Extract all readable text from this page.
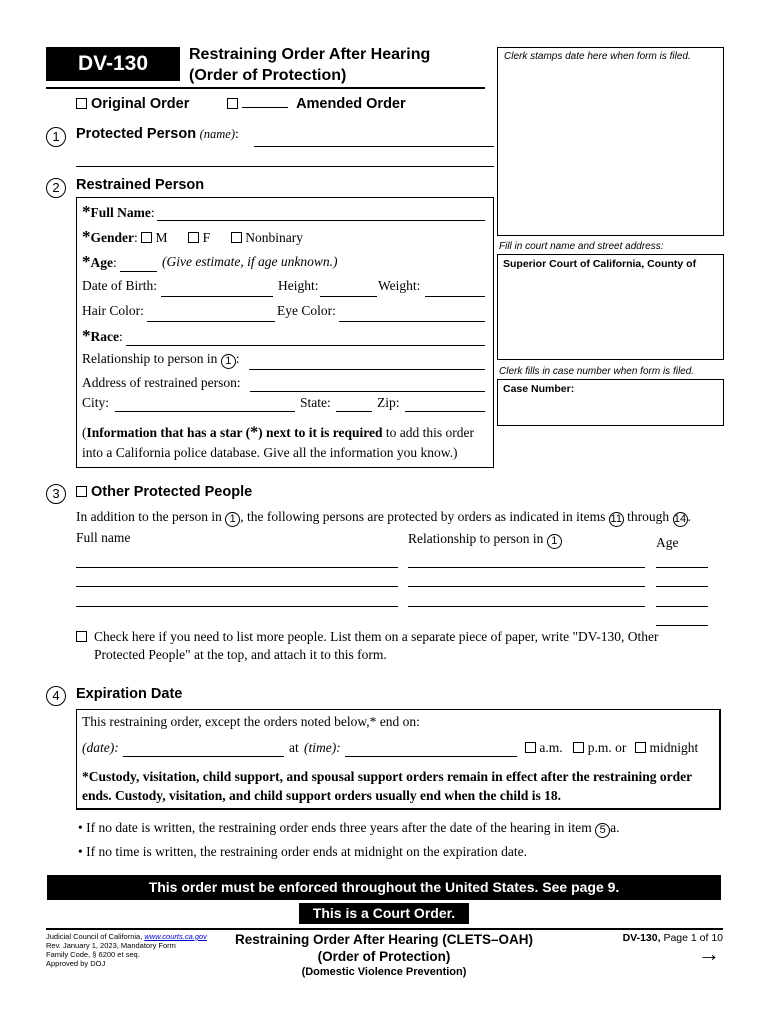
DV-130	Restraining Order After Hearing
(Order of Protection)
Original Order	Amended Order
Clerk stamps date here when form is filed.
Fill in court name and street address:
Superior Court of California, County of
Clerk fills in case number when form is filed.
Case Number:
1	Protected Person (name):
2	Restrained Person
*Full Name:
*Gender:  M	F	Nonbinary
*Age:	(Give estimate, if age unknown.)
Date of Birth:	Height:	Weight:
Hair Color:	Eye Color:
*Race:
Relationship to person in 1 :
Address of restrained person:
City:	State:	Zip:
(Information that has a star (*) next to it is required to add this order
into a California police database. Give all the information you know.)
3	Other Protected People
In addition to the person in 1 , the following persons are protected by orders as indicated in items 11 through 14.
Full name	Relationship to person in 1	Age
Check here if you need to list more people. List them on a separate piece of paper, write "DV-130, Other
Protected People" at the top, and attach it to this form.
4	Expiration Date
This restraining order, except the orders noted below,* end on:
(date):	at (time):	a.m. p.m. or midnight
*Custody, visitation, child support, and spousal support orders remain in effect after the restraining order
ends. Custody, visitation, and child support orders usually end when the child is 18.
• If no date is written, the restraining order ends three years after the date of the hearing in item 5 a.
• If no time is written, the restraining order ends at midnight on the expiration date.
This order must be enforced throughout the United States. See page 9.
This is a Court Order.
Judicial Council of California, www.courts.ca.gov
Rev. January 1, 2023, Mandatory Form
Family Code, § 6200 et seq.
Approved by DOJ
Restraining Order After Hearing (CLETS–OAH)
(Order of Protection)
(Domestic Violence Prevention)
DV-130, Page 1 of 10
→
